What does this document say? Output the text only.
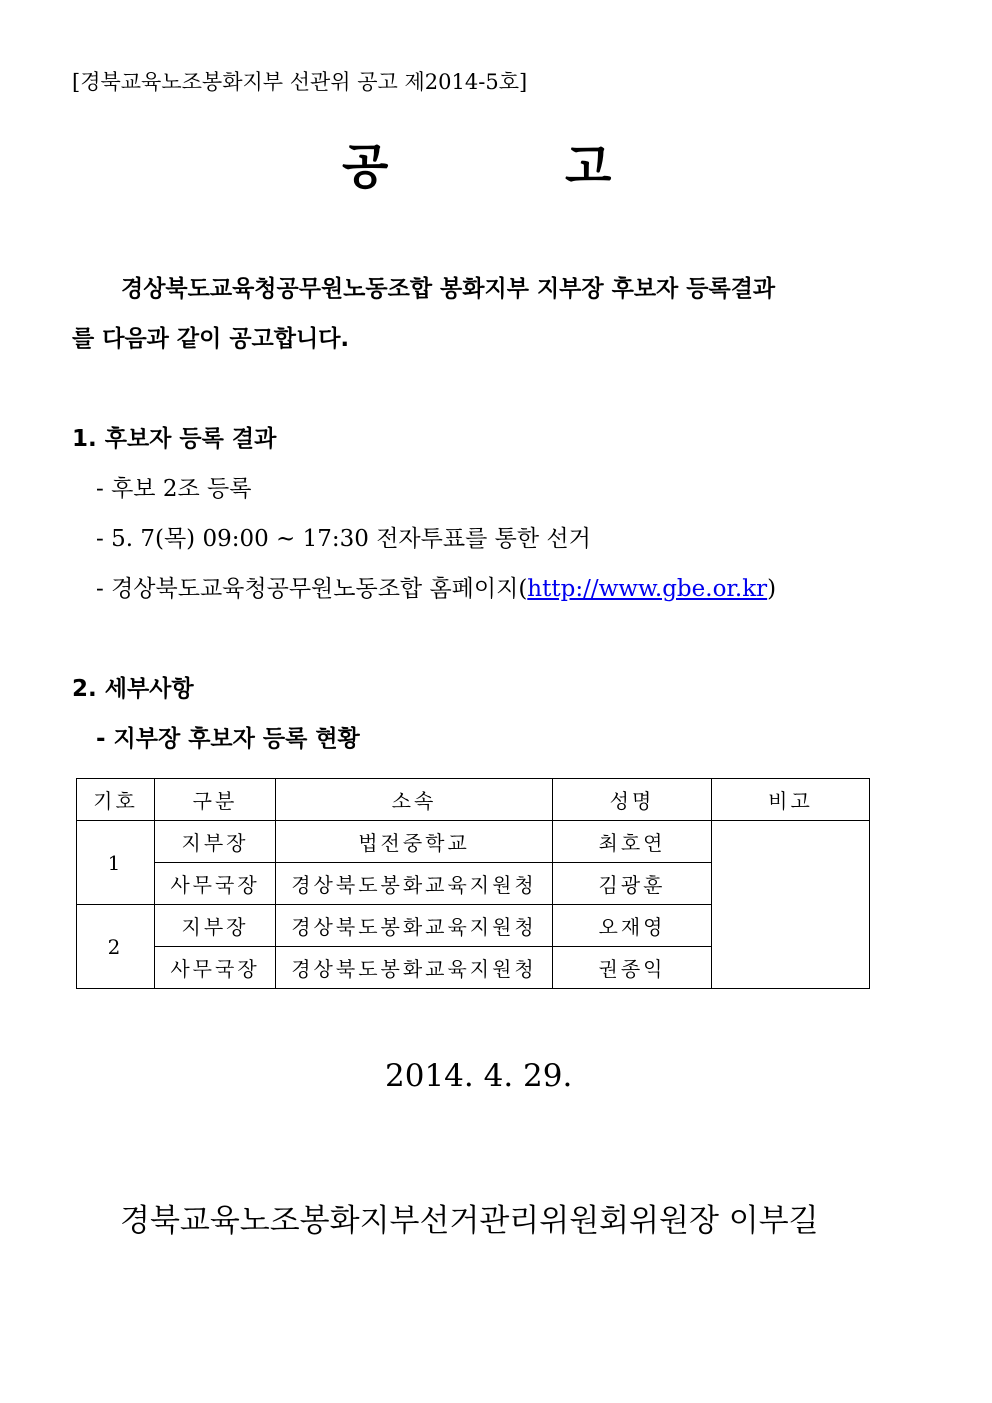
[경북교육노조봉화지부 선관위 공고 제2014-5호]
공	고
경상북도교육청공무원노동조합 봉화지부 지부장 후보자 등록결과
를 다음과 같이 공고합니다.
1. 후보자 등록 결과
- 후보 2조 등록
- 5. 7(목) 09:00 ~ 17:30 전자투표를 통한 선거
- 경상북도교육청공무원노동조합 홈페이지(http://www.gbe.or.kr)
2. 세부사항
- 지부장 후보자 등록 현황
기호	구분	소속	성명	비고
1	지부장	법전중학교	최호연	
	사무국장	경상북도봉화교육지원청	김광훈	
2	지부장	경상북도봉화교육지원청	오재영	
	사무국장	경상북도봉화교육지원청	권종익	
2014. 4. 29.
경북교육노조봉화지부선거관리위원회위원장 이부길
